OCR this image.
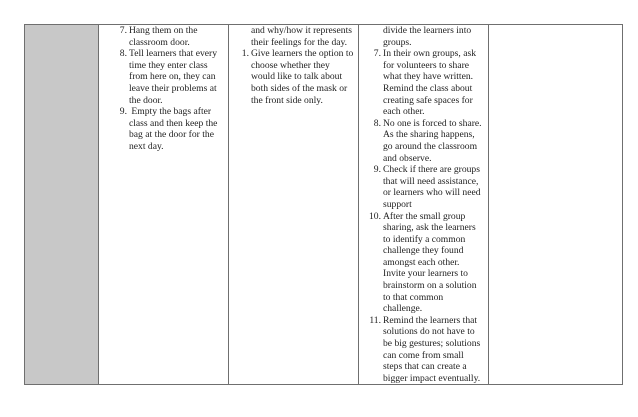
7. Hang them on the classroom door.
8. Tell learners that every time they enter class from here on, they can leave their problems at the door.
9. Empty the bags after class and then keep the bag at the door for the next day.

and why/how it represents their feelings for the day.
1. Give learners the option to choose whether they would like to talk about both sides of the mask or the front side only.

divide the learners into groups.
7. In their own groups, ask for volunteers to share what they have written. Remind the class about creating safe spaces for each other.
8. No one is forced to share. As the sharing happens, go around the classroom and observe.
9. Check if there are groups that will need assistance, or learners who will need support
10. After the small group sharing, ask the learners to identify a common challenge they found amongst each other. Invite your learners to brainstorm on a solution to that common challenge.
11. Remind the learners that solutions do not have to be big gestures; solutions can come from small steps that can create a bigger impact eventually.
